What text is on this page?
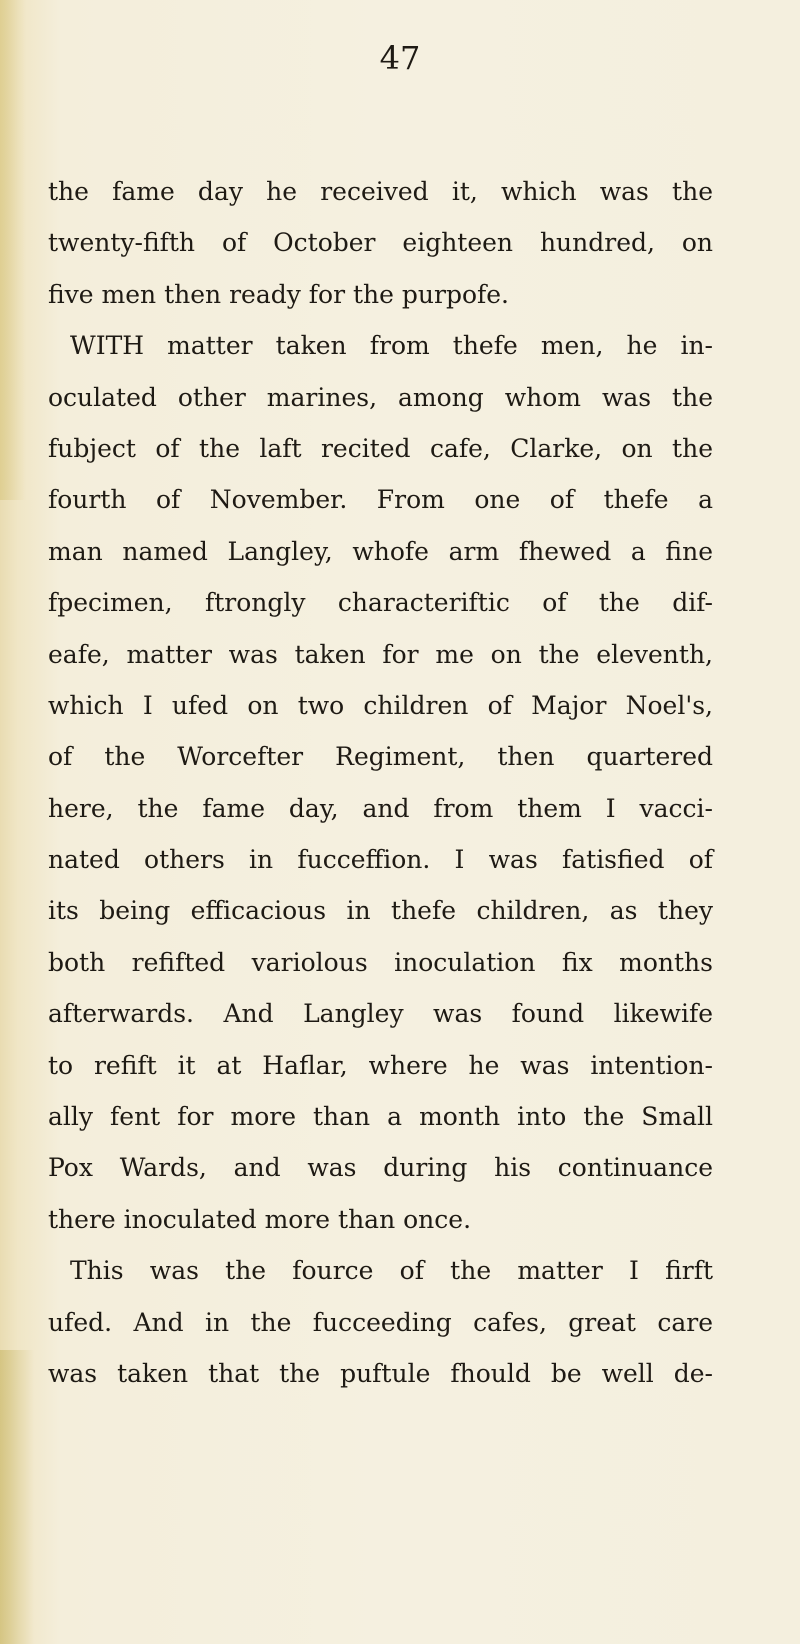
47
the fame day he received it, which was the
twenty-fifth of October eighteen hundred, on
five men then ready for the purpofe.
WITH matter taken from thefe men, he in-
oculated other marines, among whom was the
fubject of the laft recited cafe, Clarke, on the
fourth of November. From one of thefe a
man named Langley, whofe arm fhewed a fine
fpecimen, ftrongly characteriftic of the dif-
eafe, matter was taken for me on the eleventh,
which I ufed on two children of Major Noel's,
of the Worcefter Regiment, then quartered
here, the fame day, and from them I vacci-
nated others in fucceffion. I was fatisfied of
its being efficacious in thefe children, as they
both refifted variolous inoculation fix months
afterwards. And Langley was found likewife
to refift it at Haflar, where he was intention-
ally fent for more than a month into the Small
Pox Wards, and was during his continuance
there inoculated more than once.
This was the fource of the matter I firft
ufed. And in the fucceeding cafes, great care
was taken that the puftule fhould be well de-
